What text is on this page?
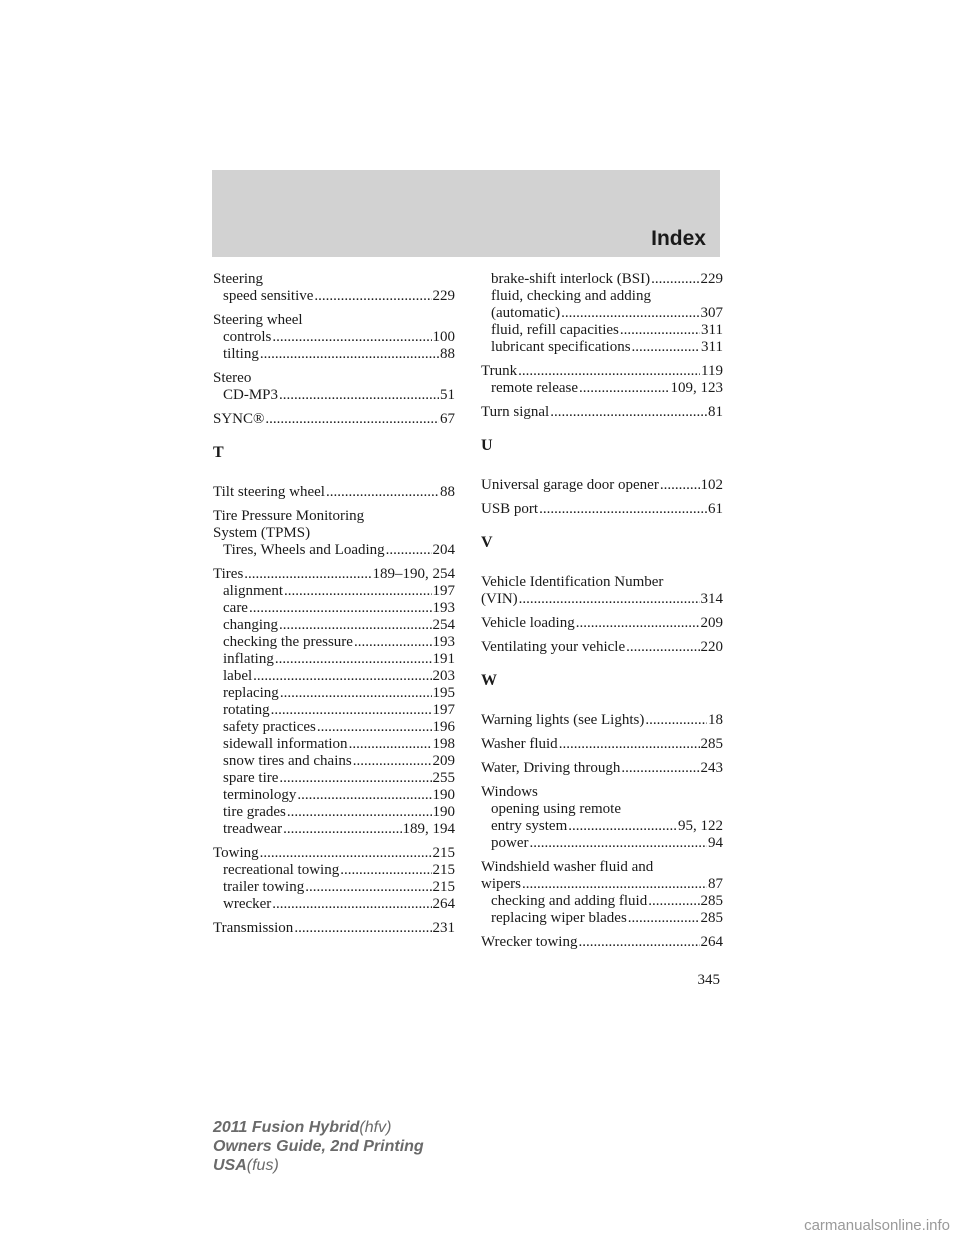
Index
Steering
speed sensitive .....	229
Steering wheel
controls .....	100
tilting .....	88
Stereo
CD-MP3 .....	51
SYNC® .....	67
T
Tilt steering wheel .....	88
Tire Pressure Monitoring
System (TPMS)
Tires, Wheels and Loading .....	204
Tires .....	189–190, 254
alignment .....	197
care .....	193
changing .....	254
checking the pressure .....	193
inflating .....	191
label .....	203
replacing .....	195
rotating .....	197
safety practices .....	196
sidewall information .....	198
snow tires and chains .....	209
spare tire .....	255
terminology .....	190
tire grades .....	190
treadwear .....	189, 194
Towing .....	215
recreational towing .....	215
trailer towing .....	215
wrecker .....	264
Transmission .....	231
brake-shift interlock (BSI) .....	229
fluid, checking and adding
(automatic) .....	307
fluid, refill capacities .....	311
lubricant specifications .....	311
Trunk .....	119
remote release .....	109, 123
Turn signal .....	81
U
Universal garage door opener .....	102
USB port .....	61
V
Vehicle Identification Number
(VIN) .....	314
Vehicle loading .....	209
Ventilating your vehicle .....	220
W
Warning lights (see Lights) .....	18
Washer fluid .....	285
Water, Driving through .....	243
Windows
opening using remote
entry system .....	95, 122
power .....	94
Windshield washer fluid and
wipers .....	87
checking and adding fluid .....	285
replacing wiper blades .....	285
Wrecker towing .....	264
345
2011 Fusion Hybrid(hfv)
Owners Guide, 2nd Printing
USA(fus)
carmanualsonline.info
